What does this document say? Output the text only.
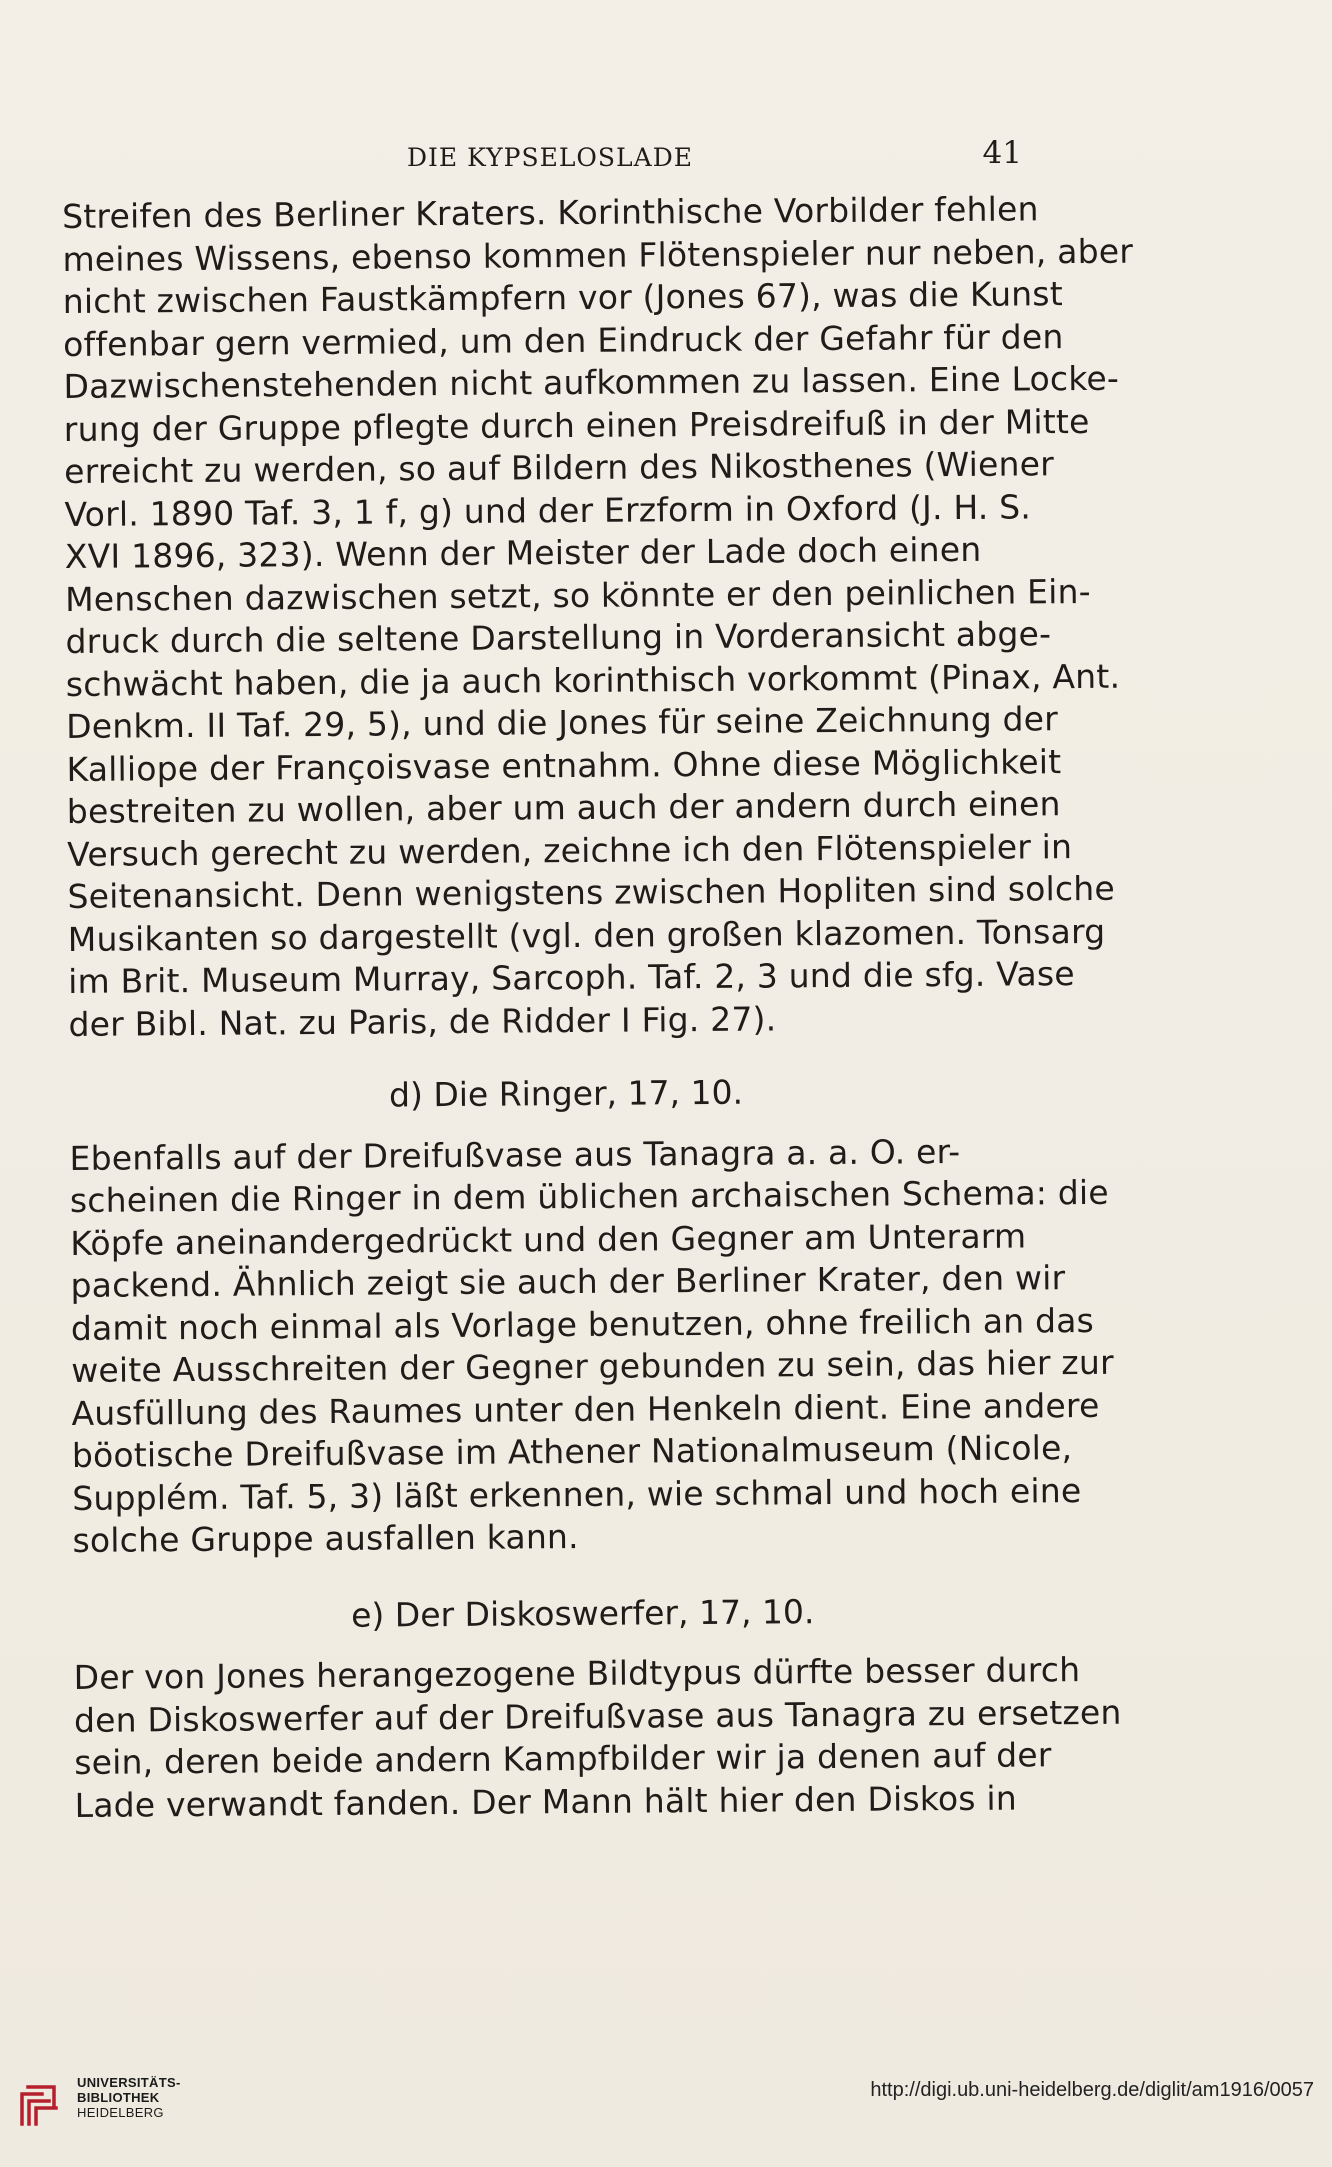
DIE KYPSELOSLADE	41

Streifen des Berliner Kraters. Korinthische Vorbilder fehlen
meines Wissens, ebenso kommen Flötenspieler nur neben, aber
nicht zwischen Faustkämpfern vor (Jones 67), was die Kunst
offenbar gern vermied, um den Eindruck der Gefahr für den
Dazwischenstehenden nicht aufkommen zu lassen. Eine Locke-
rung der Gruppe pflegte durch einen Preisdreifuß in der Mitte
erreicht zu werden, so auf Bildern des Nikosthenes (Wiener
Vorl. 1890 Taf. 3, 1 f, g) und der Erzform in Oxford (J. H. S.
XVI 1896, 323). Wenn der Meister der Lade doch einen
Menschen dazwischen setzt, so könnte er den peinlichen Ein-
druck durch die seltene Darstellung in Vorderansicht abge-
schwächt haben, die ja auch korinthisch vorkommt (Pinax, Ant.
Denkm. II Taf. 29, 5), und die Jones für seine Zeichnung der
Kalliope der Françoisvase entnahm. Ohne diese Möglichkeit
bestreiten zu wollen, aber um auch der andern durch einen
Versuch gerecht zu werden, zeichne ich den Flötenspieler in
Seitenansicht. Denn wenigstens zwischen Hopliten sind solche
Musikanten so dargestellt (vgl. den großen klazomen. Tonsarg
im Brit. Museum Murray, Sarcoph. Taf. 2, 3 und die sfg. Vase
der Bibl. Nat. zu Paris, de Ridder I Fig. 27).

d) Die Ringer, 17, 10.

Ebenfalls auf der Dreifußvase aus Tanagra a. a. O. er-
scheinen die Ringer in dem üblichen archaischen Schema: die
Köpfe aneinandergedrückt und den Gegner am Unterarm
packend. Ähnlich zeigt sie auch der Berliner Krater, den wir
damit noch einmal als Vorlage benutzen, ohne freilich an das
weite Ausschreiten der Gegner gebunden zu sein, das hier zur
Ausfüllung des Raumes unter den Henkeln dient. Eine andere
böotische Dreifußvase im Athener Nationalmuseum (Nicole,
Supplém. Taf. 5, 3) läßt erkennen, wie schmal und hoch eine
solche Gruppe ausfallen kann.

e) Der Diskoswerfer, 17, 10.

Der von Jones herangezogene Bildtypus dürfte besser durch
den Diskoswerfer auf der Dreifußvase aus Tanagra zu ersetzen
sein, deren beide andern Kampfbilder wir ja denen auf der
Lade verwandt fanden. Der Mann hält hier den Diskos in

UNIVERSITÄTS-
BIBLIOTHEK
HEIDELBERG
http://digi.ub.uni-heidelberg.de/diglit/am1916/0057
